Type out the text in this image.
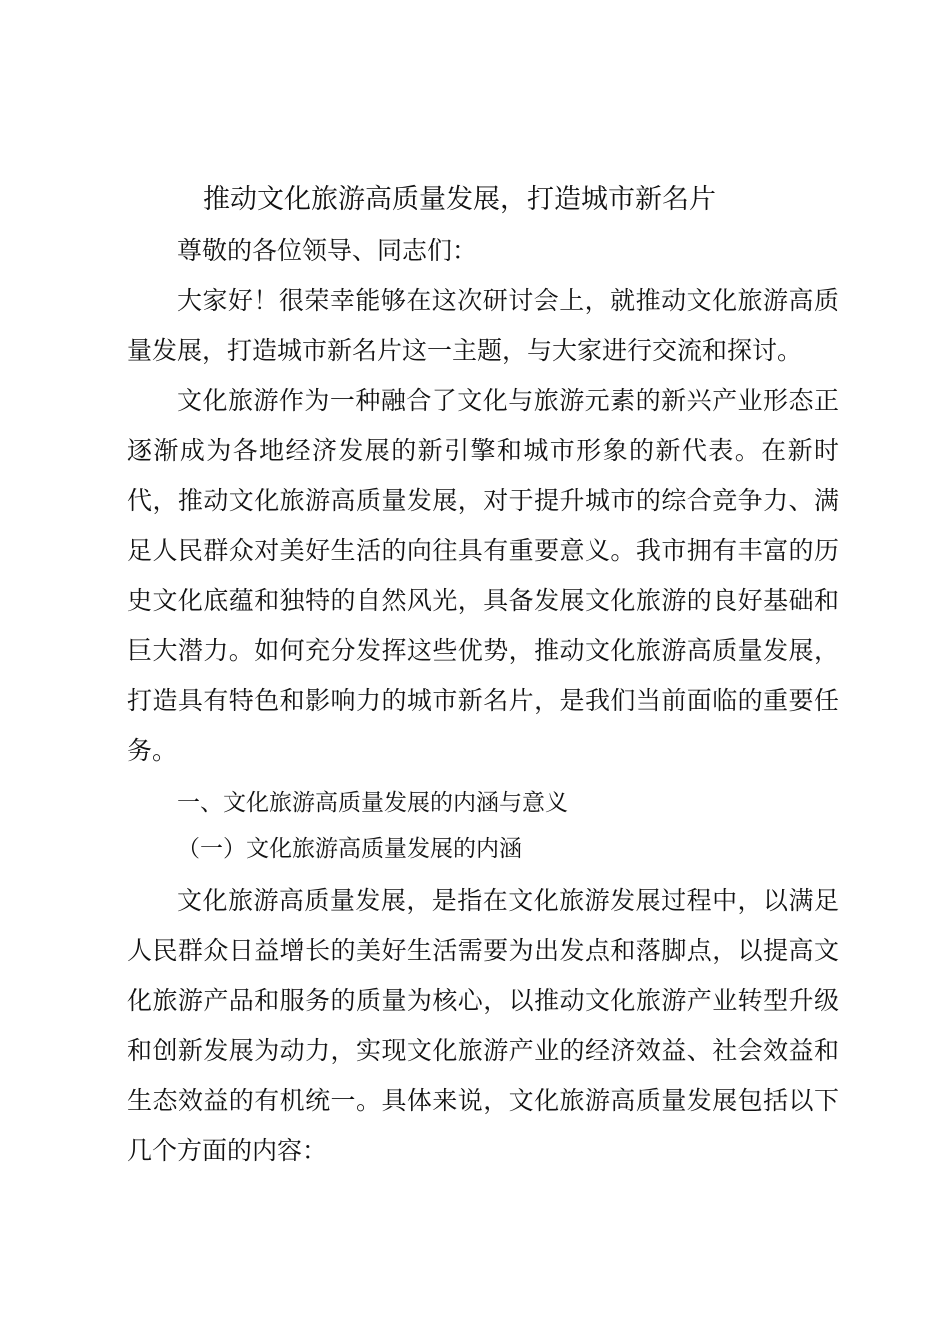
推动文化旅游高质量发展，打造城市新名片

尊敬的各位领导、同志们：

大家好！很荣幸能够在这次研讨会上，就推动文化旅游高质量发展，打造城市新名片这一主题，与大家进行交流和探讨。

文化旅游作为一种融合了文化与旅游元素的新兴产业形态正逐渐成为各地经济发展的新引擎和城市形象的新代表。在新时代，推动文化旅游高质量发展，对于提升城市的综合竞争力、满足人民群众对美好生活的向往具有重要意义。我市拥有丰富的历史文化底蕴和独特的自然风光，具备发展文化旅游的良好基础和巨大潜力。如何充分发挥这些优势，推动文化旅游高质量发展，打造具有特色和影响力的城市新名片，是我们当前面临的重要任务。

一、文化旅游高质量发展的内涵与意义

（一）文化旅游高质量发展的内涵

文化旅游高质量发展，是指在文化旅游发展过程中，以满足人民群众日益增长的美好生活需要为出发点和落脚点，以提高文化旅游产品和服务的质量为核心，以推动文化旅游产业转型升级和创新发展为动力，实现文化旅游产业的经济效益、社会效益和生态效益的有机统一。具体来说，文化旅游高质量发展包括以下几个方面的内容：
